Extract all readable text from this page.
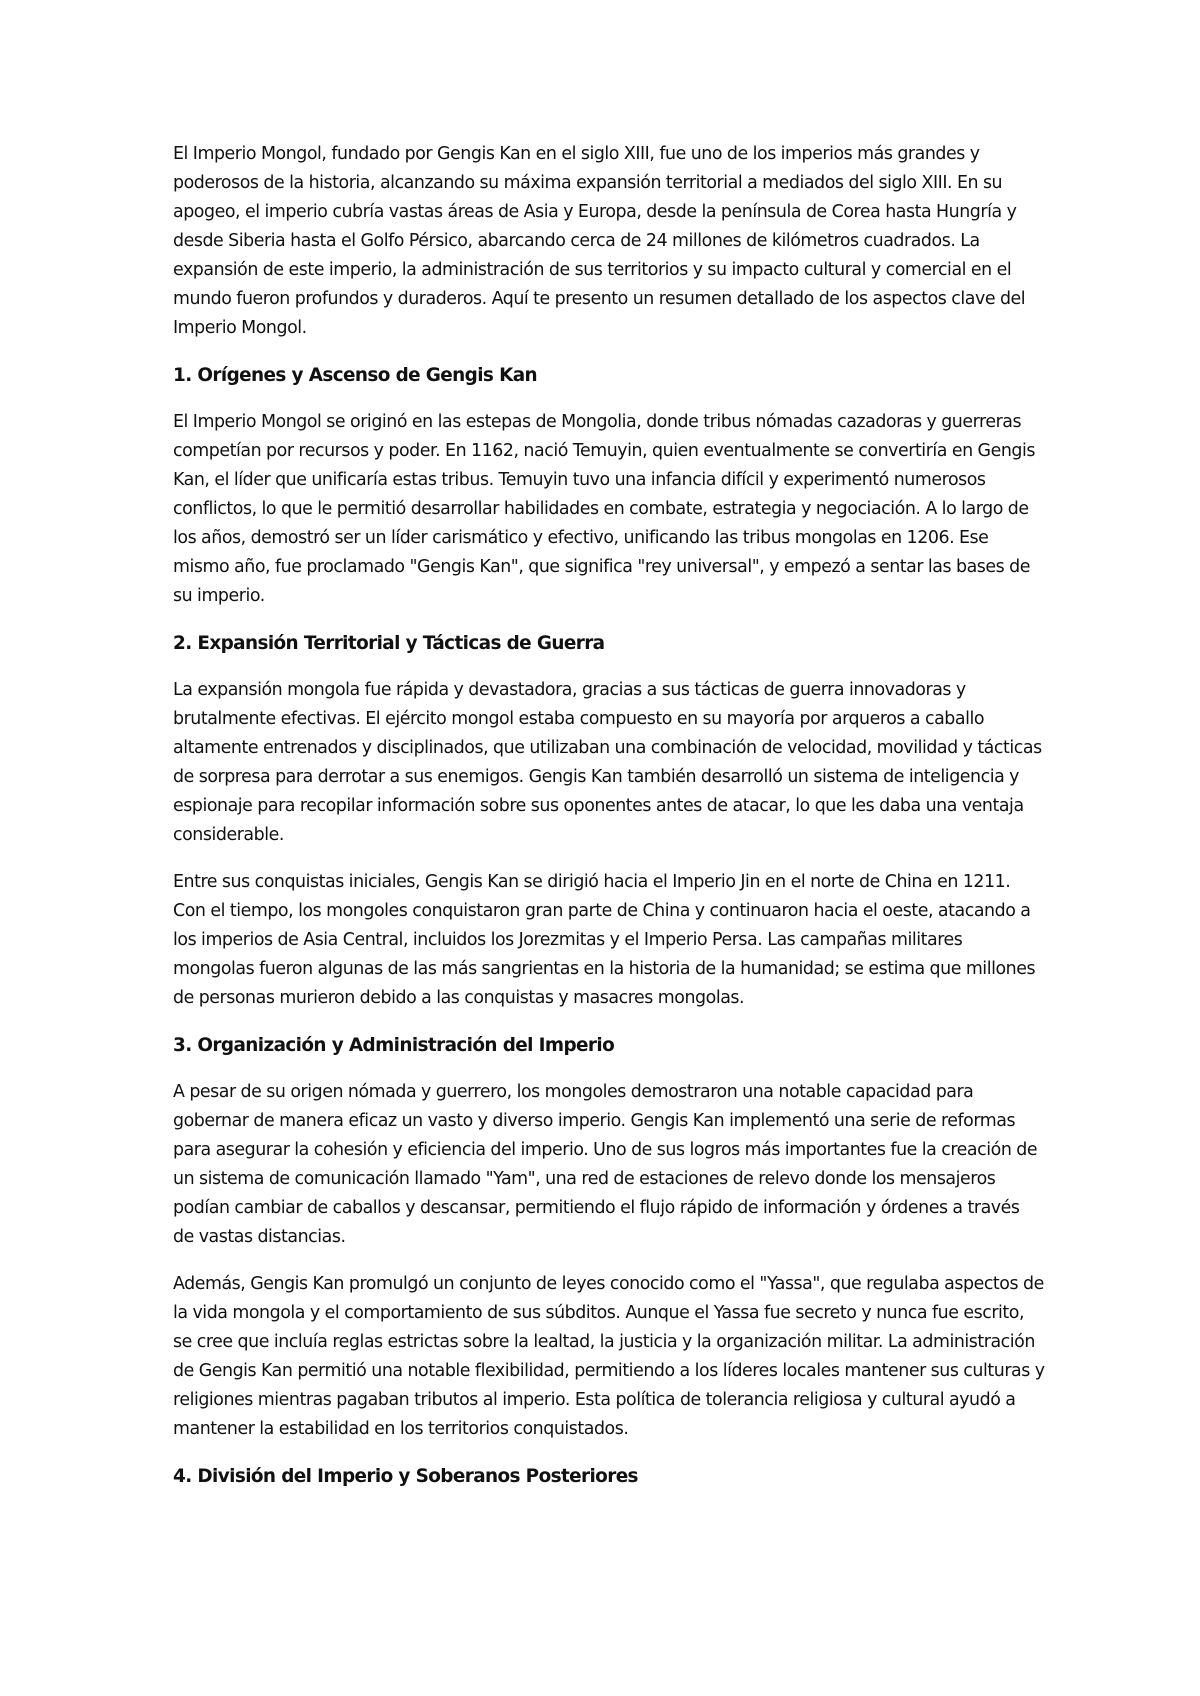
El Imperio Mongol, fundado por Gengis Kan en el siglo XIII, fue uno de los imperios más grandes y poderosos de la historia, alcanzando su máxima expansión territorial a mediados del siglo XIII. En su apogeo, el imperio cubría vastas áreas de Asia y Europa, desde la península de Corea hasta Hungría y desde Siberia hasta el Golfo Pérsico, abarcando cerca de 24 millones de kilómetros cuadrados. La expansión de este imperio, la administración de sus territorios y su impacto cultural y comercial en el mundo fueron profundos y duraderos. Aquí te presento un resumen detallado de los aspectos clave del Imperio Mongol.

1. Orígenes y Ascenso de Gengis Kan

El Imperio Mongol se originó en las estepas de Mongolia, donde tribus nómadas cazadoras y guerreras competían por recursos y poder. En 1162, nació Temuyin, quien eventualmente se convertiría en Gengis Kan, el líder que unificaría estas tribus. Temuyin tuvo una infancia difícil y experimentó numerosos conflictos, lo que le permitió desarrollar habilidades en combate, estrategia y negociación. A lo largo de los años, demostró ser un líder carismático y efectivo, unificando las tribus mongolas en 1206. Ese mismo año, fue proclamado "Gengis Kan", que significa "rey universal", y empezó a sentar las bases de su imperio.

2. Expansión Territorial y Tácticas de Guerra

La expansión mongola fue rápida y devastadora, gracias a sus tácticas de guerra innovadoras y brutalmente efectivas. El ejército mongol estaba compuesto en su mayoría por arqueros a caballo altamente entrenados y disciplinados, que utilizaban una combinación de velocidad, movilidad y tácticas de sorpresa para derrotar a sus enemigos. Gengis Kan también desarrolló un sistema de inteligencia y espionaje para recopilar información sobre sus oponentes antes de atacar, lo que les daba una ventaja considerable.

Entre sus conquistas iniciales, Gengis Kan se dirigió hacia el Imperio Jin en el norte de China en 1211. Con el tiempo, los mongoles conquistaron gran parte de China y continuaron hacia el oeste, atacando a los imperios de Asia Central, incluidos los Jorezmitas y el Imperio Persa. Las campañas militares mongolas fueron algunas de las más sangrientas en la historia de la humanidad; se estima que millones de personas murieron debido a las conquistas y masacres mongolas.

3. Organización y Administración del Imperio

A pesar de su origen nómada y guerrero, los mongoles demostraron una notable capacidad para gobernar de manera eficaz un vasto y diverso imperio. Gengis Kan implementó una serie de reformas para asegurar la cohesión y eficiencia del imperio. Uno de sus logros más importantes fue la creación de un sistema de comunicación llamado "Yam", una red de estaciones de relevo donde los mensajeros podían cambiar de caballos y descansar, permitiendo el flujo rápido de información y órdenes a través de vastas distancias.

Además, Gengis Kan promulgó un conjunto de leyes conocido como el "Yassa", que regulaba aspectos de la vida mongola y el comportamiento de sus súbditos. Aunque el Yassa fue secreto y nunca fue escrito, se cree que incluía reglas estrictas sobre la lealtad, la justicia y la organización militar. La administración de Gengis Kan permitió una notable flexibilidad, permitiendo a los líderes locales mantener sus culturas y religiones mientras pagaban tributos al imperio. Esta política de tolerancia religiosa y cultural ayudó a mantener la estabilidad en los territorios conquistados.

4. División del Imperio y Soberanos Posteriores
